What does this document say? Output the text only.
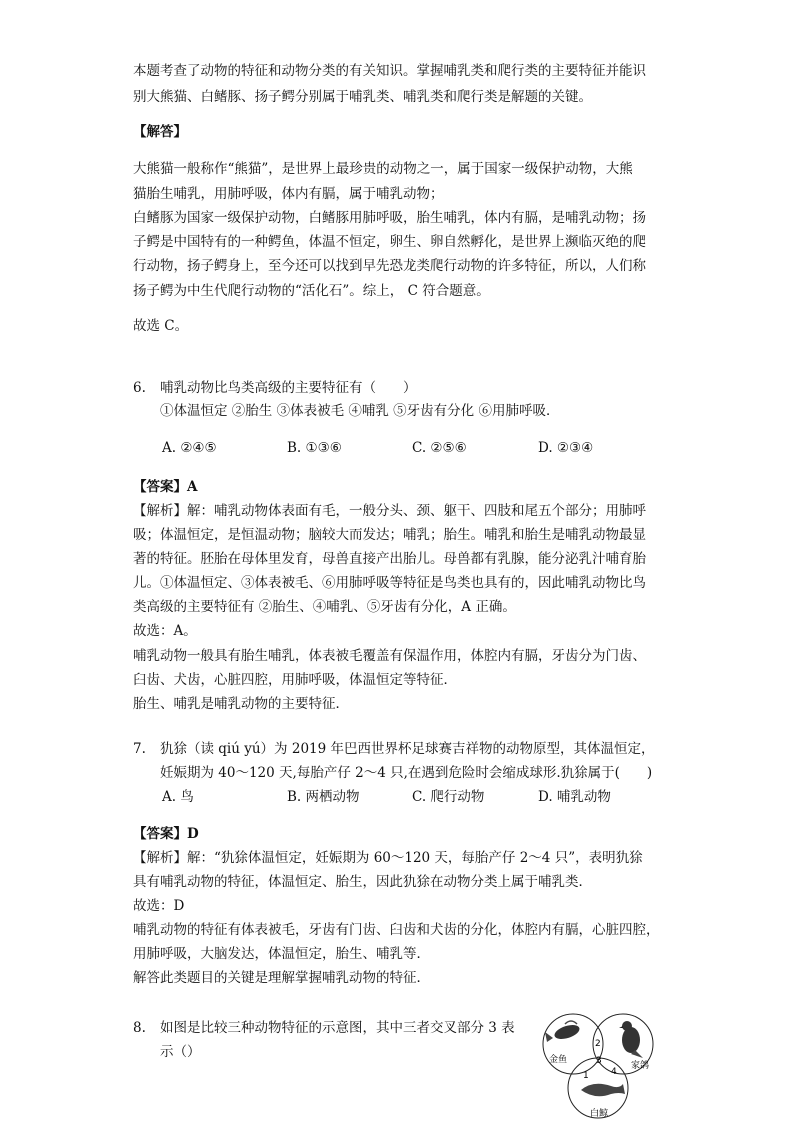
本题考查了动物的特征和动物分类的有关知识。掌握哺乳类和爬行类的主要特征并能识
别大熊猫、白鳍豚、扬子鳄分别属于哺乳类、哺乳类和爬行类是解题的关键。
【解答】
大熊猫一般称作“熊猫”，是世界上最珍贵的动物之一，属于国家一级保护动物，大熊
猫胎生哺乳，用肺呼吸，体内有膈，属于哺乳动物；
白鳍豚为国家一级保护动物，白鳍豚用肺呼吸，胎生哺乳，体内有膈，是哺乳动物；扬
子鳄是中国特有的一种鳄鱼，体温不恒定，卵生、卵自然孵化，是世界上濒临灭绝的爬
行动物，扬子鳄身上，至今还可以找到早先恐龙类爬行动物的许多特征，所以，人们称
扬子鳄为中生代爬行动物的“活化石”。综上， C 符合题意。
故选 C。
6. 哺乳动物比鸟类高级的主要特征有（　　）
①体温恒定 ②胎生 ③体表被毛 ④哺乳 ⑤牙齿有分化 ⑥用肺呼吸．
A. ②④⑤	B. ①③⑥	C. ②⑤⑥	D. ②③④
【答案】A
【解析】解：哺乳动物体表面有毛，一般分头、颈、躯干、四肢和尾五个部分；用肺呼
吸；体温恒定，是恒温动物；脑较大而发达；哺乳；胎生。哺乳和胎生是哺乳动物最显
著的特征。胚胎在母体里发育，母兽直接产出胎儿。母兽都有乳腺，能分泌乳汁哺育胎
儿。①体温恒定、③体表被毛、⑥用肺呼吸等特征是鸟类也具有的，因此哺乳动物比鸟
类高级的主要特征有 ②胎生、④哺乳、⑤牙齿有分化，A 正确。
故选：A。
哺乳动物一般具有胎生哺乳，体表被毛覆盖有保温作用，体腔内有膈，牙齿分为门齿、
臼齿、犬齿，心脏四腔，用肺呼吸，体温恒定等特征．
胎生、哺乳是哺乳动物的主要特征．
7. 犰狳（读 qiú yú）为 2019 年巴西世界杯足球赛吉祥物的动物原型，其体温恒定，
妊娠期为 40～120 天,每胎产仔 2～4 只,在遇到危险时会缩成球形.犰狳属于(　　)
A. 鸟	B. 两栖动物	C. 爬行动物	D. 哺乳动物
【答案】D
【解析】解：“犰狳体温恒定，妊娠期为 60～120 天，每胎产仔 2～4 只”，表明犰狳
具有哺乳动物的特征，体温恒定、胎生，因此犰狳在动物分类上属于哺乳类．
故选：D
哺乳动物的特征有体表被毛，牙齿有门齿、臼齿和犬齿的分化，体腔内有膈，心脏四腔，
用肺呼吸，大脑发达，体温恒定，胎生、哺乳等．
解答此类题目的关键是理解掌握哺乳动物的特征．
8. 如图是比较三种动物特征的示意图，其中三者交叉部分 3 表
示（）	金鱼
家鸽
白鲸
1
2
3
4
